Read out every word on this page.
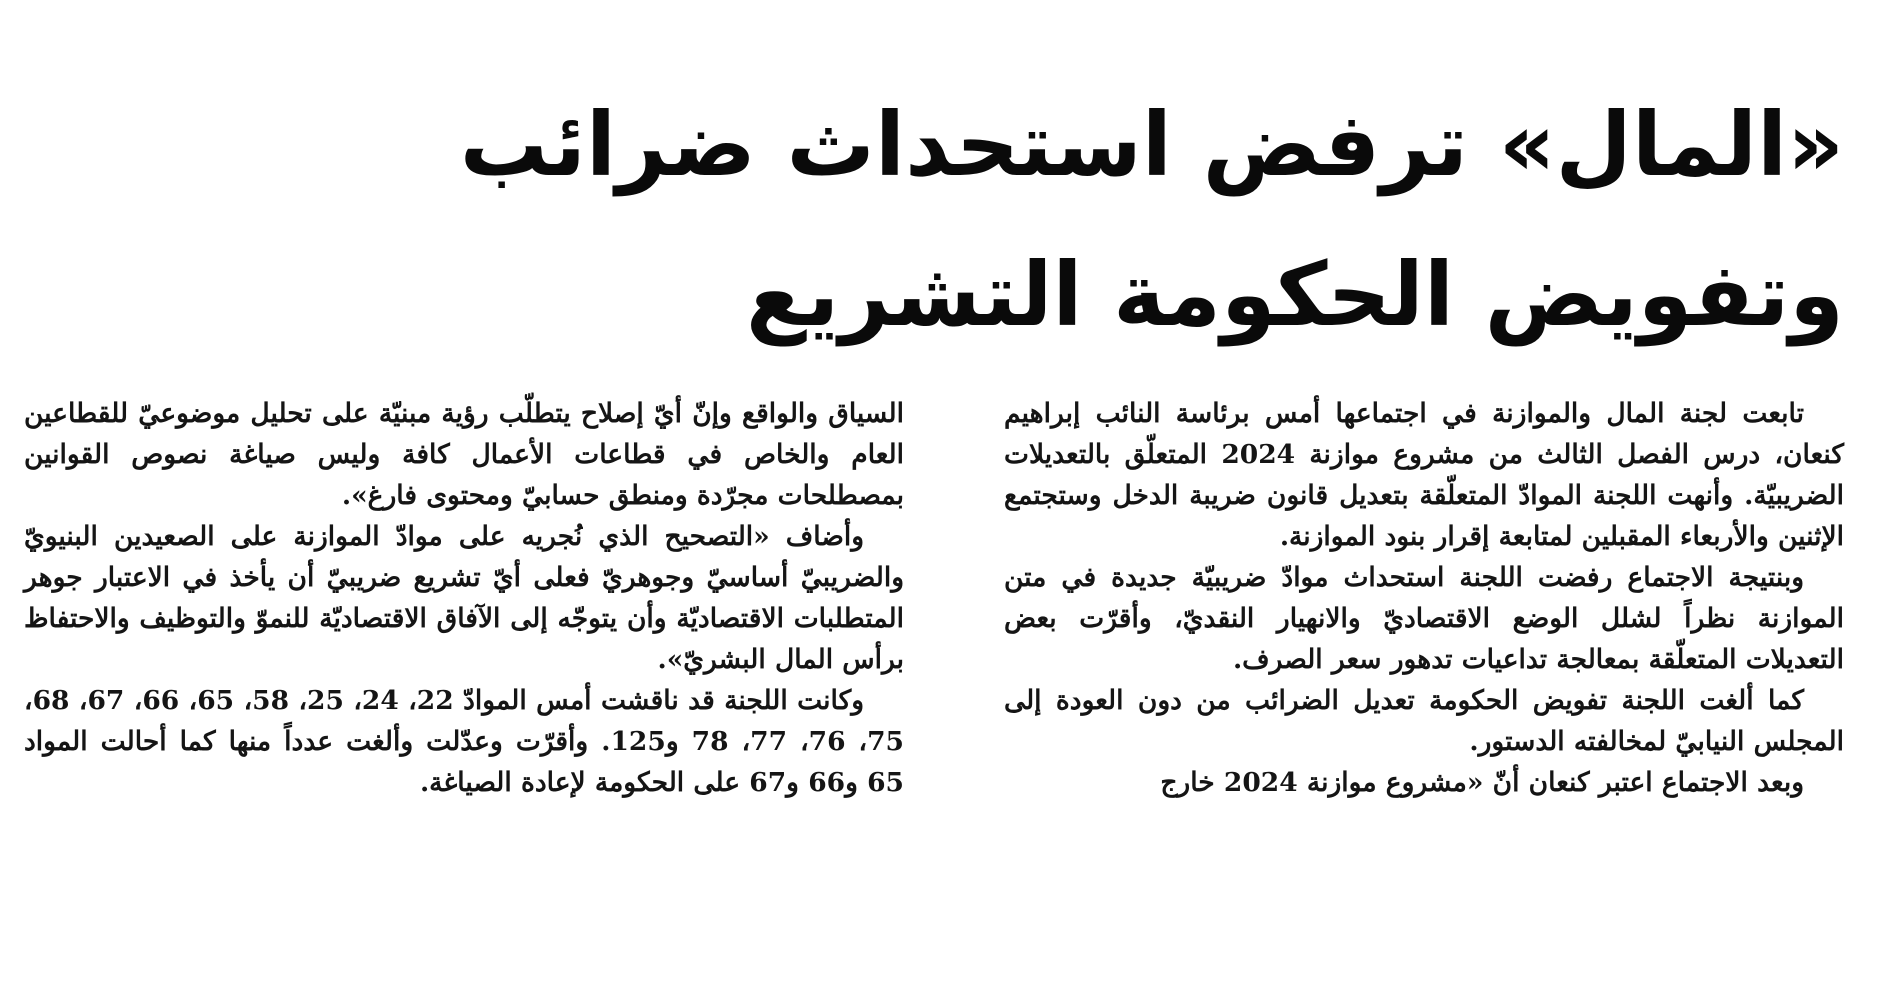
«المال» ترفض استحداث ضرائب
وتفويض الحكومة التشريع

تابعت لجنة المال والموازنة في اجتماعها أمس برئاسة النائب إبراهيم كنعان، درس الفصل الثالث من مشروع موازنة 2024 المتعلّق بالتعديلات الضريبيّة. وأنهت اللجنة الموادّ المتعلّقة بتعديل قانون ضريبة الدخل وستجتمع الإثنين والأربعاء المقبلين لمتابعة إقرار بنود الموازنة.

وبنتيجة الاجتماع رفضت اللجنة استحداث موادّ ضريبيّة جديدة في متن الموازنة نظراً لشلل الوضع الاقتصاديّ والانهيار النقديّ، وأقرّت بعض التعديلات المتعلّقة بمعالجة تداعيات تدهور سعر الصرف.

كما ألغت اللجنة تفويض الحكومة تعديل الضرائب من دون العودة إلى المجلس النيابيّ لمخالفته الدستور.

وبعد الاجتماع اعتبر كنعان أنّ «مشروع موازنة 2024 خارج

السياق والواقع وإنّ أيّ إصلاح يتطلّب رؤية مبنيّة على تحليل موضوعيّ للقطاعين العام والخاص في قطاعات الأعمال كافة وليس صياغة نصوص القوانين بمصطلحات مجرّدة ومنطق حسابيّ ومحتوى فارغ».

وأضاف «التصحيح الذي نُجريه على موادّ الموازنة على الصعيدين البنيويّ والضريبيّ أساسيّ وجوهريّ فعلى أيّ تشريع ضريبيّ أن يأخذ في الاعتبار جوهر المتطلبات الاقتصاديّة وأن يتوجّه إلى الآفاق الاقتصاديّة للنموّ والتوظيف والاحتفاظ برأس المال البشريّ».

وكانت اللجنة قد ناقشت أمس الموادّ 22، 24، 25، 58، 65، 66، 67، 68، 75، 76، 77، 78 و125. وأقرّت وعدّلت وألغت عدداً منها كما أحالت المواد 65 و66 و67 على الحكومة لإعادة الصياغة.
